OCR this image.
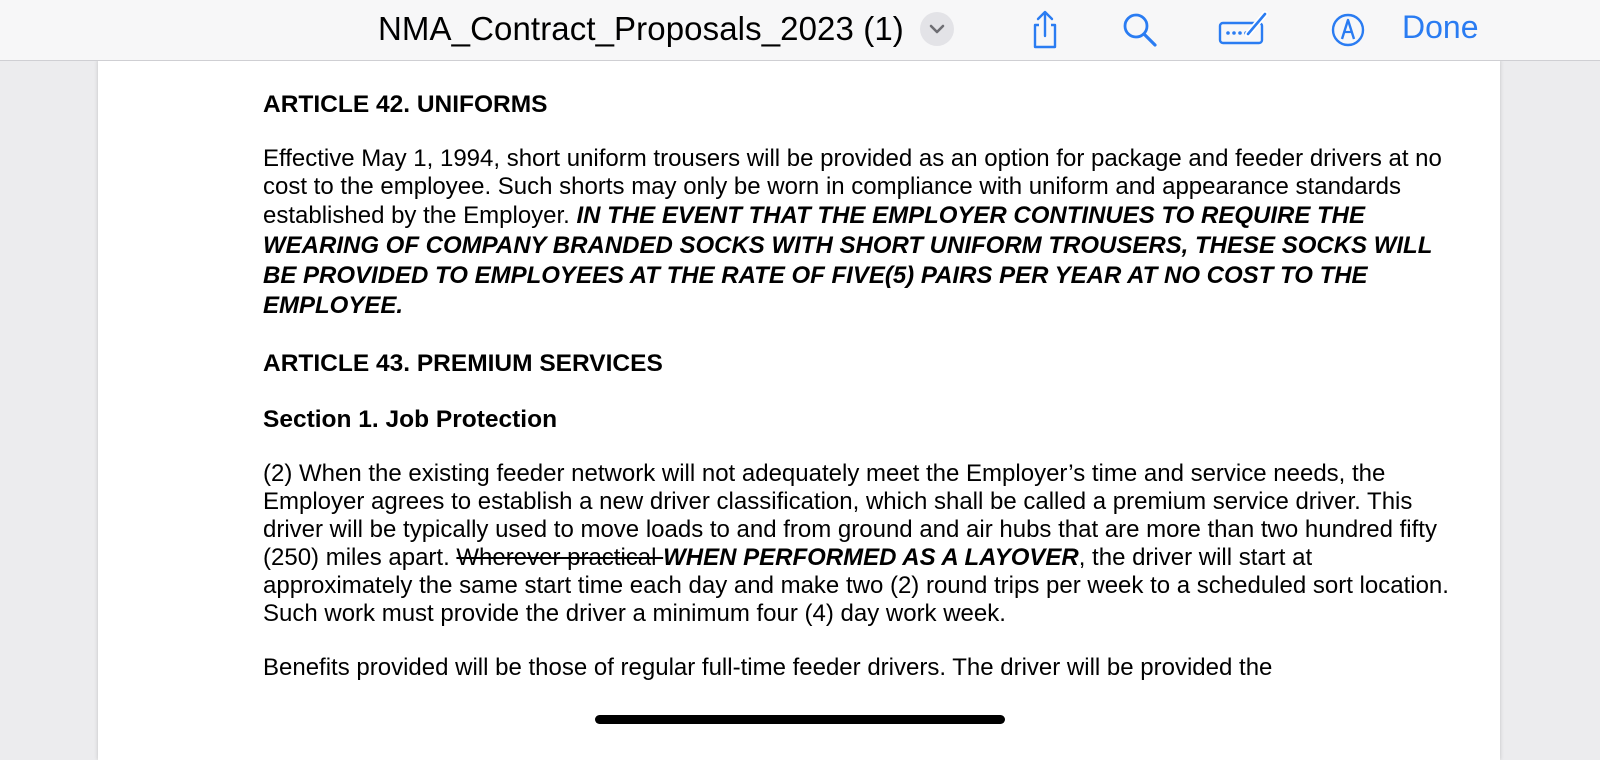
NMA_Contract_Proposals_2023 (1)	Done

ARTICLE 42. UNIFORMS

Effective May 1, 1994, short uniform trousers will be provided as an option for package and feeder drivers at no cost to the employee. Such shorts may only be worn in compliance with uniform and appearance standards established by the Employer. IN THE EVENT THAT THE EMPLOYER CONTINUES TO REQUIRE THE WEARING OF COMPANY BRANDED SOCKS WITH SHORT UNIFORM TROUSERS, THESE SOCKS WILL BE PROVIDED TO EMPLOYEES AT THE RATE OF FIVE(5) PAIRS PER YEAR AT NO COST TO THE EMPLOYEE.

ARTICLE 43. PREMIUM SERVICES

Section 1. Job Protection

(2) When the existing feeder network will not adequately meet the Employer’s time and service needs, the Employer agrees to establish a new driver classification, which shall be called a premium service driver. This driver will be typically used to move loads to and from ground and air hubs that are more than two hundred fifty (250) miles apart. Wherever practical WHEN PERFORMED AS A LAYOVER, the driver will start at approximately the same start time each day and make two (2) round trips per week to a scheduled sort location. Such work must provide the driver a minimum four (4) day work week.

Benefits provided will be those of regular full-time feeder drivers. The driver will be provided the
